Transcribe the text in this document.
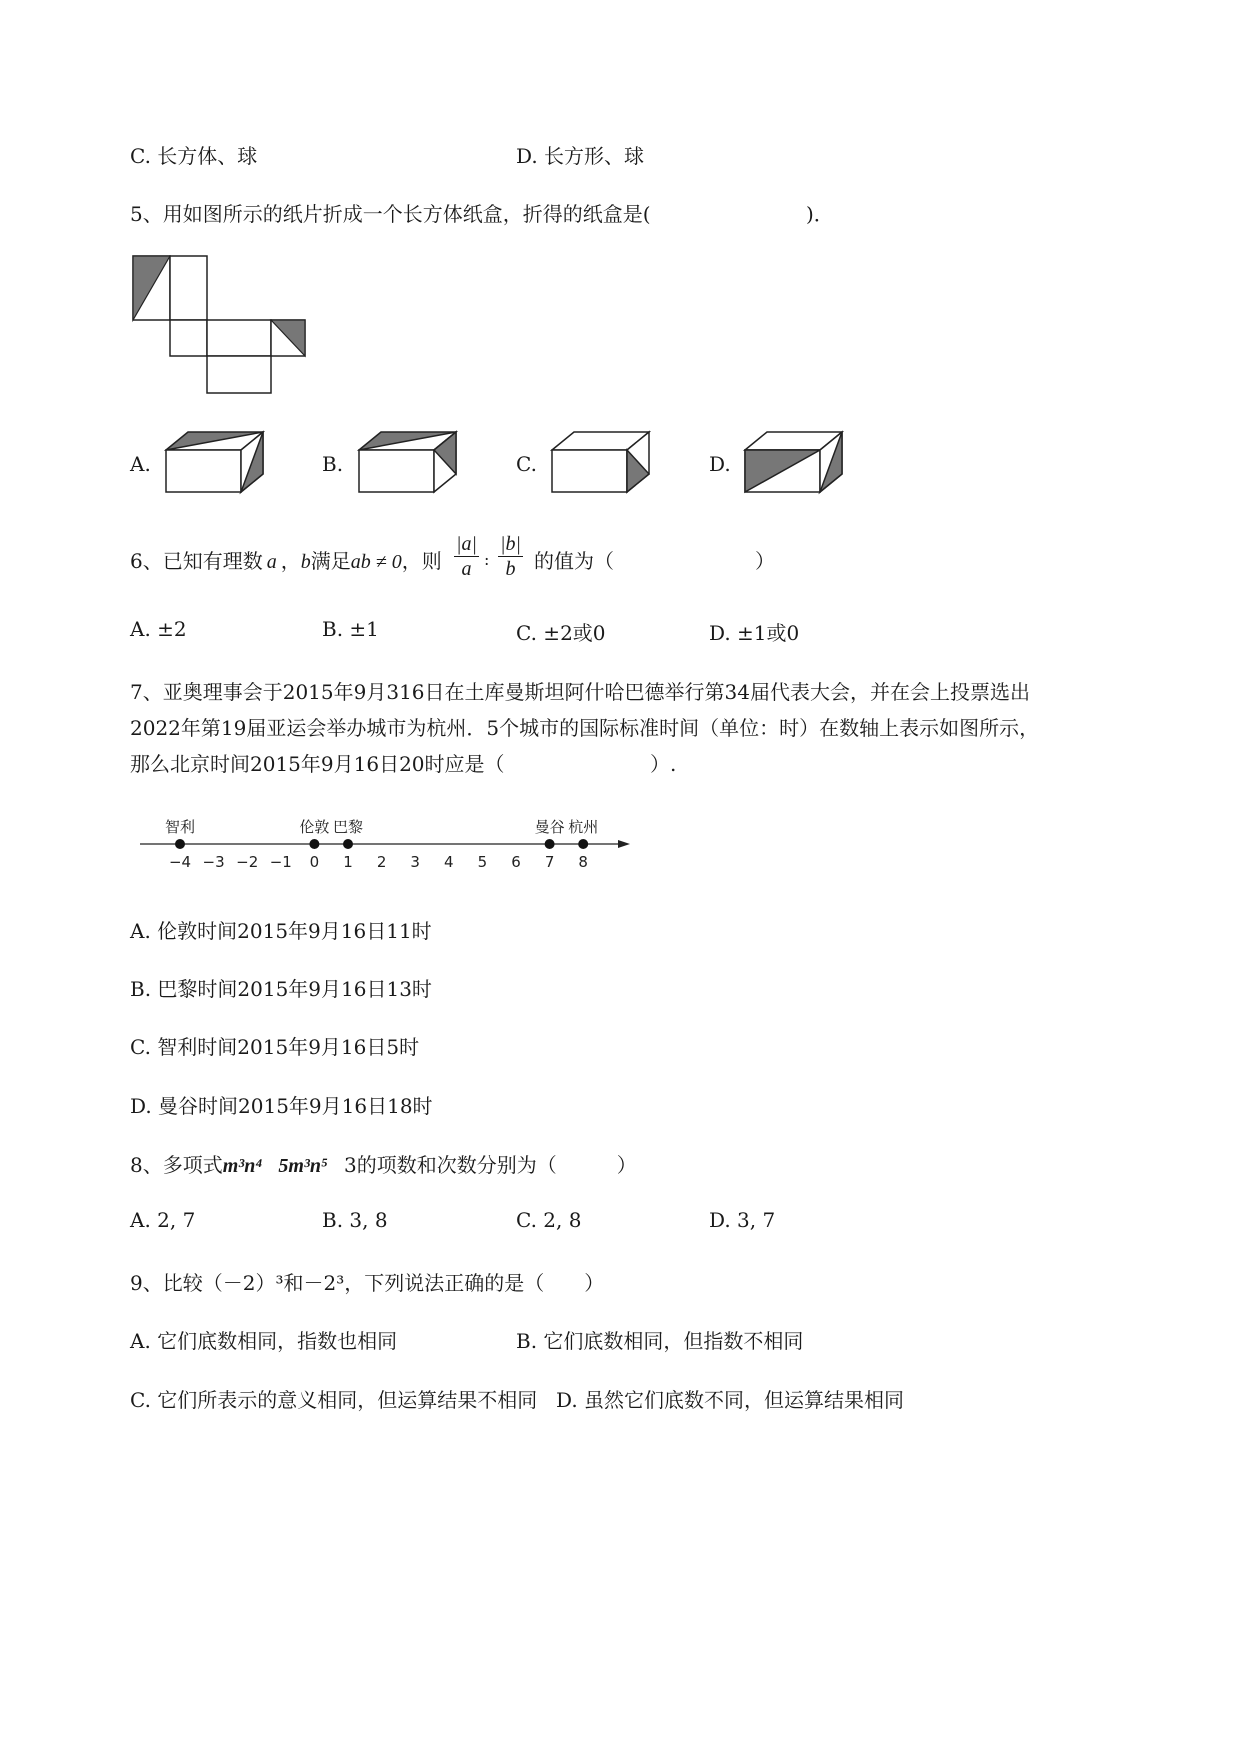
C. 长方体、球	D. 长方形、球
5、用如图所示的纸片折成一个长方体纸盒，折得的纸盒是(	)．
A.	B.	C.	D.
6、已知有理数 a ，b满足ab ≠ 0，则 $\frac{|a|}{a}$ : $\frac{|b|}{b}$ 的值为（	）
A. ±2	B. ±1	C. ±2或0	D. ±1或0
7、亚奥理事会于2015年9月316日在土库曼斯坦阿什哈巴德举行第34届代表大会，并在会上投票选出
2022年第19届亚运会举办城市为杭州．5个城市的国际标准时间（单位：时）在数轴上表示如图所示，
那么北京时间2015年9月16日20时应是（	）.
−4 −3 −2 −1 0 1 2 3 4 5 6 7 8
智利	伦敦 巴黎	曼谷 杭州
A. 伦敦时间2015年9月16日11时
B. 巴黎时间2015年9月16日13时
C. 智利时间2015年9月16日5时
D. 曼谷时间2015年9月16日18时
8、多项式m³n⁴ 5m³n⁵ 3的项数和次数分别为（	）
A. 2, 7	B. 3, 8	C. 2, 8	D. 3, 7
9、比较（－2）³和－2³，下列说法正确的是（ ）
A. 它们底数相同，指数也相同	B. 它们底数相同，但指数不相同
C. 它们所表示的意义相同，但运算结果不相同 D. 虽然它们底数不同，但运算结果相同
